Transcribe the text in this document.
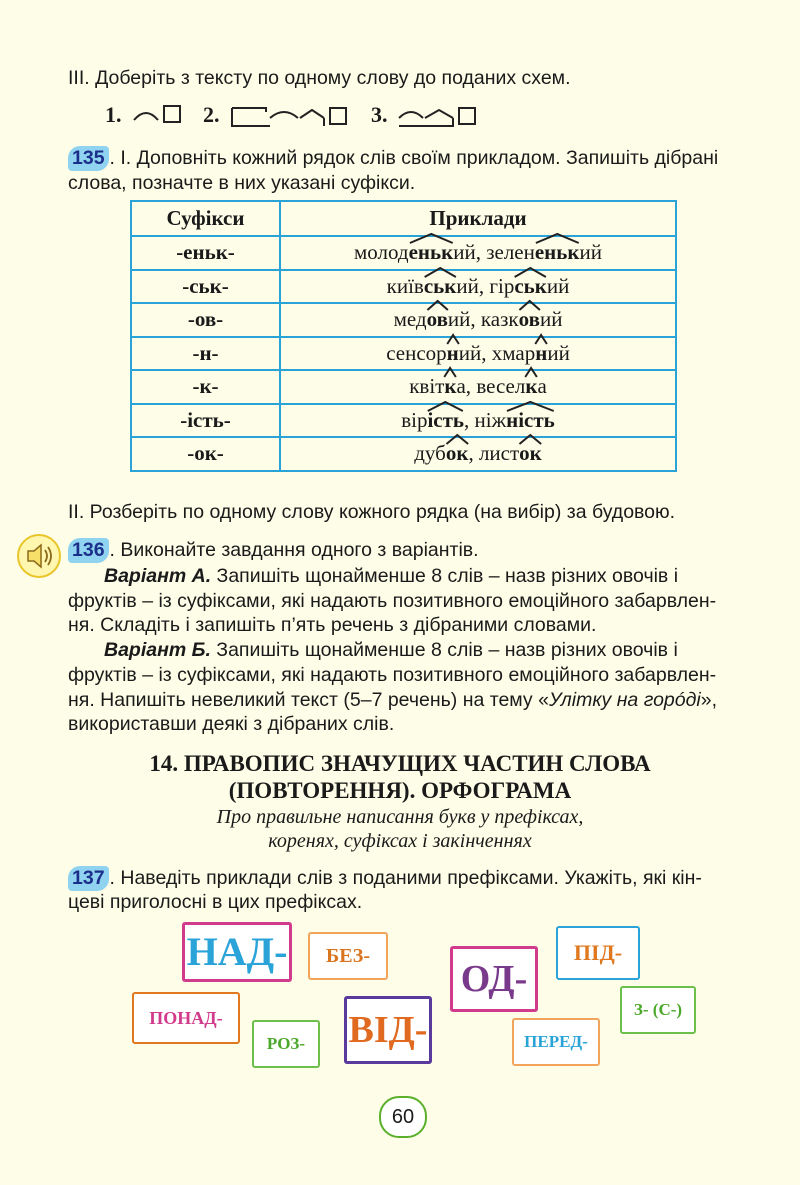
III. Доберіть з тексту по одному слову до поданих схем.
1.	2.	3.
135 . I. Доповніть кожний рядок слів своїм прикладом. Запишіть дібрані
слова, позначте в них указані суфікси.
Суфікси	Приклади
-еньк-	молоденьк
ий, зелененьк
ий
-ськ-	київськ
ий, гірськ
ий
-ов-	медов
ий, казков
ий
-н-	сенсорн
ий, хмарн
ий
-к-	квітк
а, веселк
а
-ість-	вірість
, ніжність

-ок-	дубок
, листок
II. Розберіть по одному слову кожного рядка (на вибір) за будовою.
136 . Виконайте завдання одного з варіантів.
Варіант А. Запишіть щонайменше 8 слів – назв різних овочів і
фруктів – із суфіксами, які надають позитивного емоційного забарвлен-
ня. Складіть і запишіть п’ять речень з дібраними словами.
Варіант Б. Запишіть щонайменше 8 слів – назв різних овочів і
фруктів – із суфіксами, які надають позитивного емоційного забарвлен-
ня. Напишіть невеликий текст (5–7 речень) на тему «Улітку на горóді»,
використавши деякі з дібраних слів.
14. ПРАВОПИС ЗНАЧУЩИХ ЧАСТИН СЛОВА
(ПОВТОРЕННЯ). ОРФОГРАМА
Про правильне написання букв у префіксах,
коренях, суфіксах і закінченнях
137 . Наведіть приклади слів з поданими префіксами. Укажіть, які кін-
цеві приголосні в цих префіксах.
НАД-	БЕЗ-
ОД-
ПІД-
ПОНАД-
РОЗ-	ВІД-	ПЕРЕД-
З- (С-)
60
